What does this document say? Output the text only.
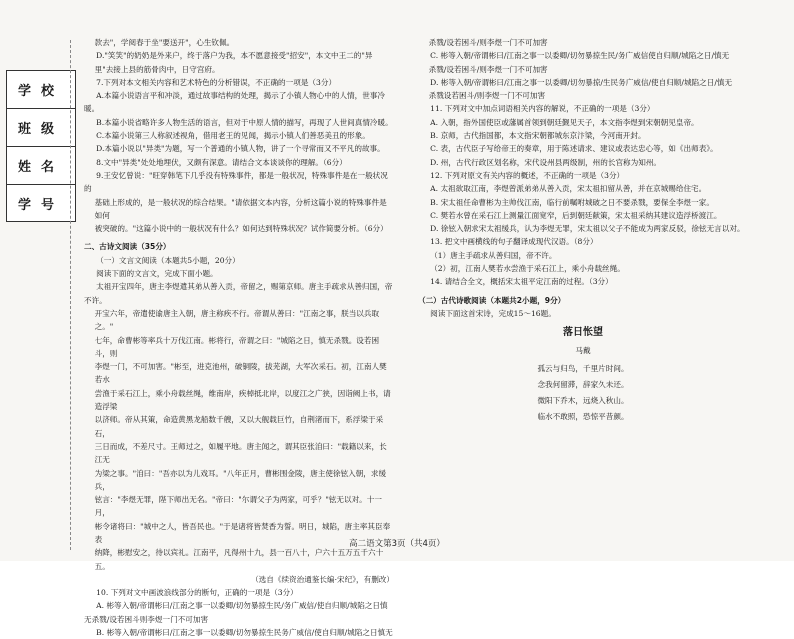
学校
班级
姓名
学号

款去"，学阅春于坐"要送开"，心生钦佩。

D."笑笑"的奶奶是外来户，终于落户为我，本不愿意接受"招安"，本文中王二的"异

里"去接上县的筋骨肉中，日守宫府。

7.下列对本文相关内容和艺术特色的分析错误，不正确的一项是（3分）

A.本篇小说语言平和冲淡，通过故事结构的处理，揭示了小镇人物心中的人情，世事冷暖。

B.本篇小说省略许多人物生活的语言，但对于中原人情的描写，再现了人世间真情冷暖。

C.本篇小说第三人称叙述视角，借用老王的见闻，揭示小镇人们善恶美丑的形象。

D.本篇小说以"异类"为题，写一个普通的小镇人物，讲了一个寻常而又不平凡的故事。

8.文中"异类"处处地埋伏，又颇有深意。请结合文本谈谈你的理解。（6分）

9.王安忆曾说："旺穿韩笔下几乎没有特殊事件，都是一般状况，特殊事件是在一般状况的

基础上形成的，是一般状况的综合结果。"请依据文本内容，分析这篇小说的特殊事件是如何

被突破的。"这篇小说中的一般状况有什么？如何达到特殊状况？试作简要分析。（6分）

二、古诗文阅读（35分）

（一）文言文阅读（本题共5小题，20分）

阅读下面的文言文，完成下面小题。

太祖开宝四年，唐主李煜遣其弟从善入贡，帝留之，赐第京师。唐主手疏求从善归国，帝不许。

开宝六年，帝遣使谕唐主入朝，唐主称疾不行。帝谓从善曰："江南之事，朕当以兵取之。"

七年，命曹彬等率兵十万伐江南。彬将行，帝谓之曰："城陷之日，慎无杀戮。设若困斗，则

李煜一门，不可加害。"彬至，进克池州，破铜陵，拔芜湖，大军次采石。初，江南人樊若水

尝渔于采石江上，乘小舟载丝绳，维南岸，疾棹抵北岸，以度江之广狭，因诣阙上书，请造浮梁

以济师。帝从其策，命造黄黑龙船数千艘，又以大舰载巨竹，自荆渚而下，系浮梁于采石，

三日而成，不差尺寸。王师过之，如履平地。唐主闻之，谓其臣张洎曰："载籍以来，长江无

为梁之事。"洎曰："吾亦以为儿戏耳。"八年正月，曹彬围金陵，唐主使徐铉入朝，求缓兵，

铉言："李煜无罪，陛下师出无名。"帝曰："尔谓父子为两家，可乎？"铉无以对。十一月，

彬令诸将曰："城中之人，皆吾民也。"于是诸将皆焚香为誓。明日，城陷，唐主率其臣奉表

纳降，彬慰安之，待以宾礼。江南平，凡得州十九，县一百八十，户六十五万五千六十五。

（选自《续资治通鉴长编·宋纪》，有删改）

10. 下列对文中画波浪线部分的断句，正确的一项是（3分）

A. 彬等入朝/帝谓彬曰/江南之事一以委卿/切勿暴掠生民/务广威信/使自归顺/城陷之日慎无杀戮/设若困斗则李煜一门不可加害

B. 彬等入朝/帝谓彬曰/江南之事一以委卿/切勿暴掠生民务广威信/使自归顺/城陷之日慎无

杀戮/设若困斗/则李煜一门不可加害

C. 彬等入朝/帝谓彬曰/江南之事一以委卿/切勿暴掠生民/务广威信使自归顺/城陷之日/慎无

杀戮/设若困斗/则李煜一门不可加害

D. 彬等入朝/帝谓彬曰/江南之事一以委卿/切勿暴掠/生民务广威信/使自归顺/城陷之日/慎无

杀戮设若困斗/则李煜一门不可加害

11. 下列对文中加点词语相关内容的解说，不正确的一项是（3分）

A. 入朝，指外国使臣或藩属首领到朝廷觐见天子，本文指李煜到宋朝朝见皇帝。

B. 京师，古代指国都，本文指宋朝都城东京汴梁，今河南开封。

C. 表，古代臣子写给帝王的奏章，用于陈述请求、建议或表达忠心等，如《出师表》。

D. 州，古代行政区划名称，宋代设州县两级制，州的长官称为知州。

12. 下列对原文有关内容的概述，不正确的一项是（3分）

A. 太祖欲取江南，李煜曾派弟弟从善入贡，宋太祖扣留从善，并在京城赐给住宅。

B. 宋太祖任命曹彬为主帅伐江南，临行前嘱咐城破之日不要杀戮，要保全李煜一家。

C. 樊若水曾在采石江上测量江面宽窄，后到朝廷献策，宋太祖采纳其建议造浮桥渡江。

D. 徐铉入朝求宋太祖缓兵，认为李煜无罪，宋太祖以父子不能成为两家反驳，徐铉无言以对。

13. 把文中画横线的句子翻译成现代汉语。（8分）

（1）唐主手疏求从善归国，帝不许。

（2）初，江南人樊若水尝渔于采石江上，乘小舟载丝绳。

14. 请结合全文，概括宋太祖平定江南的过程。（3分）

（二）古代诗歌阅读（本题共2小题，9分）

阅读下面这首宋诗，完成15～16题。

落日怅望
马戴
孤云与归鸟，千里片时间。
念我何留滞，辞家久未还。
微阳下乔木，远烧入秋山。
临水不敢照，恐惊平昔颜。
高二语文第3页（共4页）
